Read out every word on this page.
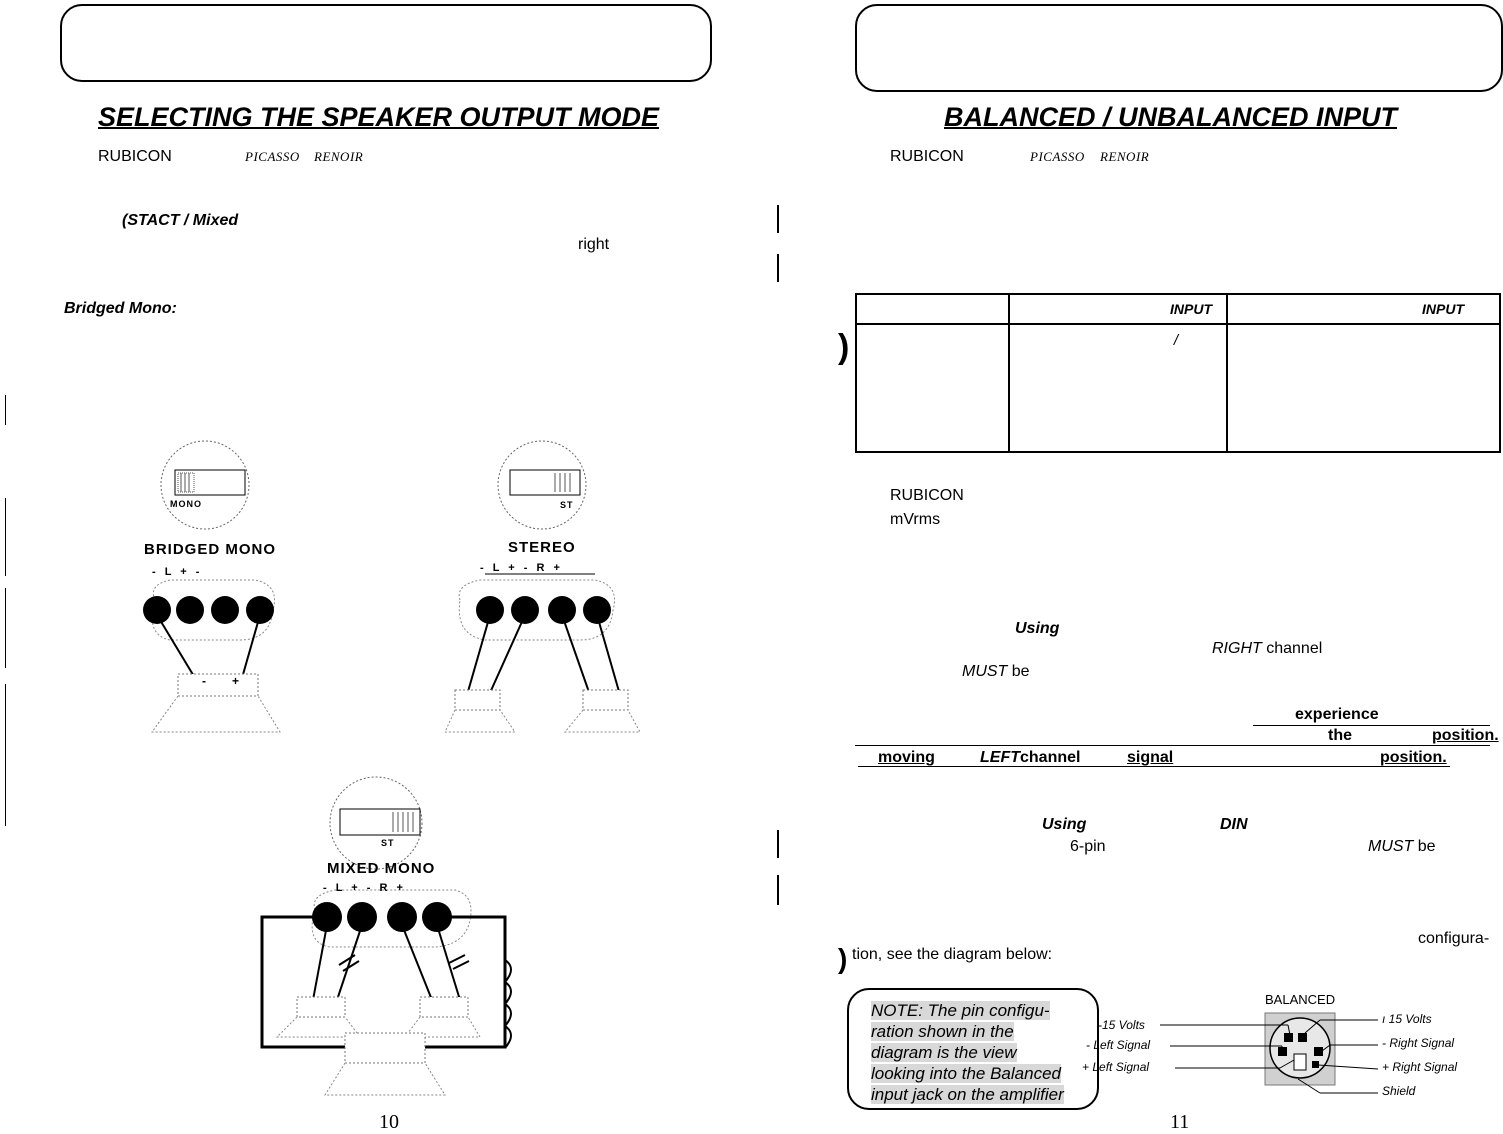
SELECTING THE SPEAKER OUTPUT MODE
RUBICON	PICASSO RENOIR
(STACT / Mixed
right
Bridged Mono:
MONO
BRIDGED MONO
- L + -
- +
ST
STEREO
- L + - R +
ST
MIXED MONO
- L + - R +
10
BALANCED / UNBALANCED INPUT
RUBICON	PICASSO RENOIR
)
	INPUT	INPUT
	/	
RUBICON
mVrms
Using
RIGHT channel
MUST be
experience
the	position.
moving	LEFTchannel	signal	position.
Using	DIN
6-pin	MUST be
configura-
) tion, see the diagram below:
NOTE: The pin configu-
ration shown in the
diagram is the view
looking into the Balanced
input jack on the amplifier
BALANCED
-15 Volts
- Left Signal
+ Left Signal
ı 15 Volts
- Right Signal
+ Right Signal
Shield
11
